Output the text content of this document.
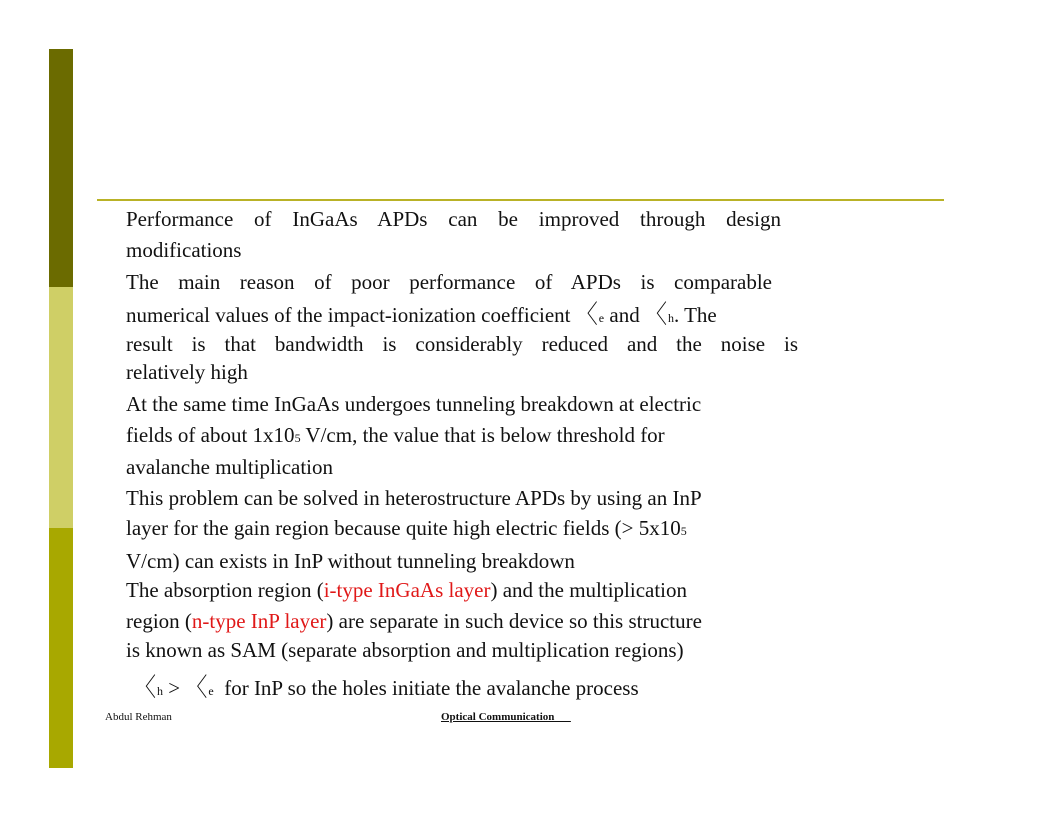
Performance of InGaAs APDs can be improved through design
modifications
The main reason of poor performance of APDs is comparable
numerical values of the impact-ionization coefficient 〈e and 〈h. The
result is that bandwidth is considerably reduced and the noise is
relatively high
At the same time InGaAs undergoes tunneling breakdown at electric
fields of about 1x105 V/cm, the value that is below threshold for
avalanche multiplication
This problem can be solved in heterostructure APDs by using an InP
layer for the gain region because quite high electric fields (> 5x105
V/cm) can exists in InP without tunneling breakdown
The absorption region (i-type InGaAs layer) and the multiplication
region (n-type InP layer) are separate in such device so this structure
is known as SAM (separate absorption and multiplication regions)
〈h > 〈e  for InP so the holes initiate the avalanche process
Abdul Rehman	Optical Communication
